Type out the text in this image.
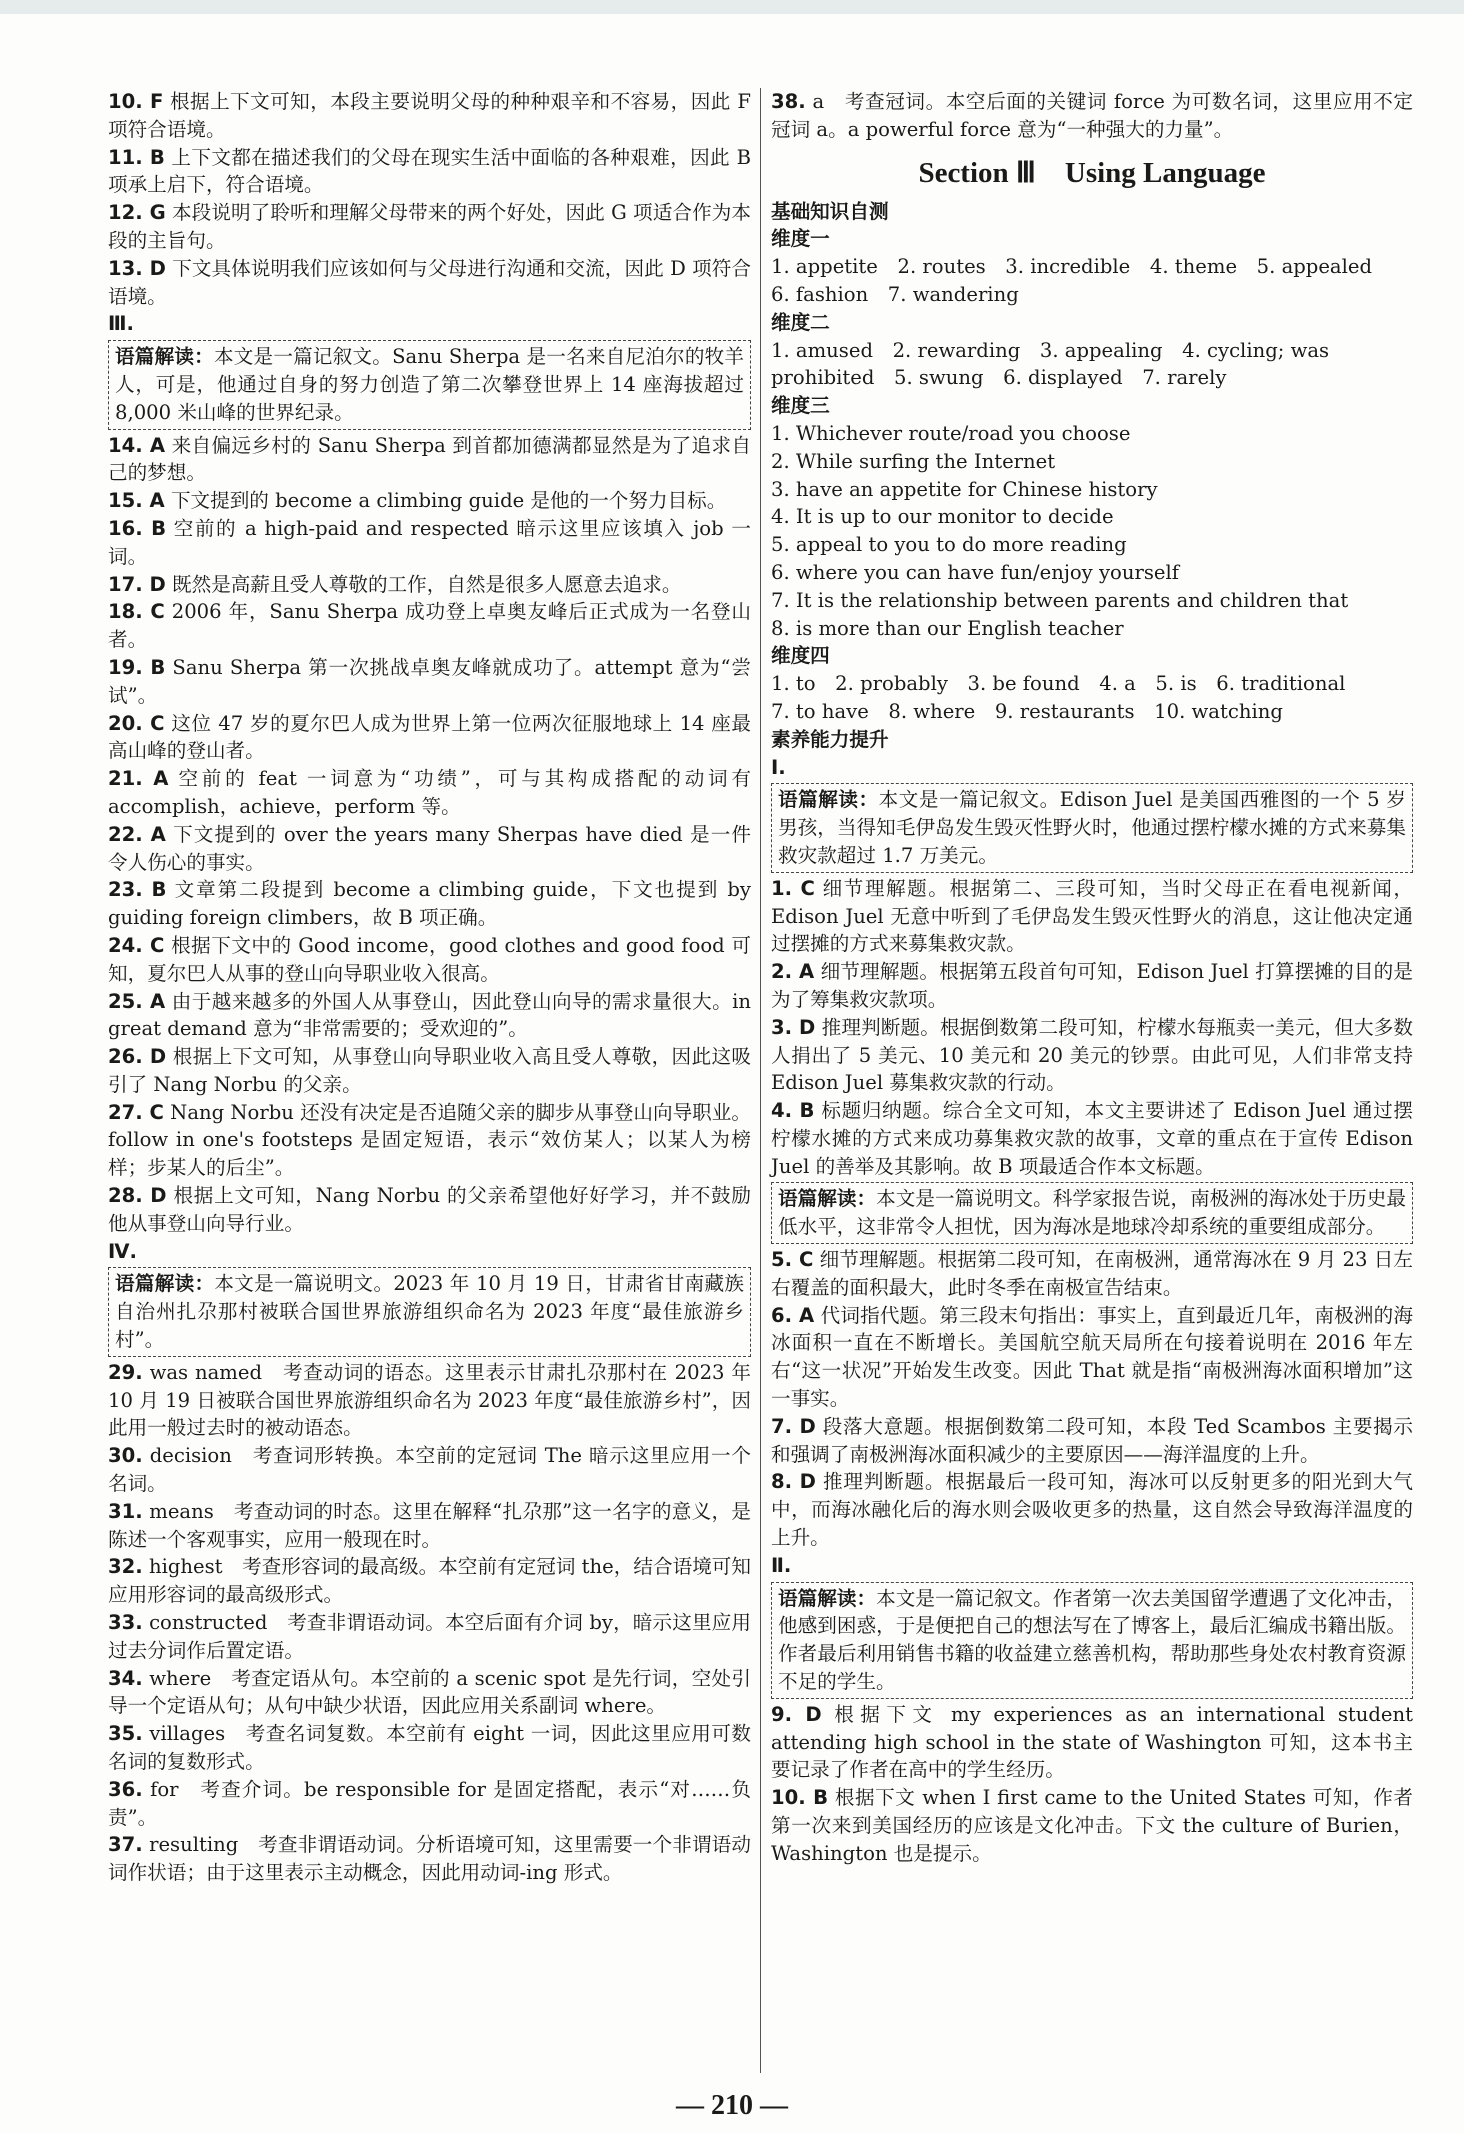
10. F 根据上下文可知，本段主要说明父母的种种艰辛和不容易，因此 F 项符合语境。

11. B 上下文都在描述我们的父母在现实生活中面临的各种艰难，因此 B 项承上启下，符合语境。

12. G 本段说明了聆听和理解父母带来的两个好处，因此 G 项适合作为本段的主旨句。

13. D 下文具体说明我们应该如何与父母进行沟通和交流，因此 D 项符合语境。

Ⅲ.

语篇解读：本文是一篇记叙文。Sanu Sherpa 是一名来自尼泊尔的牧羊人，可是，他通过自身的努力创造了第二次攀登世界上 14 座海拔超过 8,000 米山峰的世界纪录。

14. A 来自偏远乡村的 Sanu Sherpa 到首都加德满都显然是为了追求自己的梦想。

15. A 下文提到的 become a climbing guide 是他的一个努力目标。

16. B 空前的 a high-paid and respected 暗示这里应该填入 job 一词。

17. D 既然是高薪且受人尊敬的工作，自然是很多人愿意去追求。

18. C 2006 年，Sanu Sherpa 成功登上卓奥友峰后正式成为一名登山者。

19. B Sanu Sherpa 第一次挑战卓奥友峰就成功了。attempt 意为“尝试”。

20. C 这位 47 岁的夏尔巴人成为世界上第一位两次征服地球上 14 座最高山峰的登山者。

21. A 空前的 feat 一词意为“功绩”，可与其构成搭配的动词有 accomplish，achieve，perform 等。

22. A 下文提到的 over the years many Sherpas have died 是一件令人伤心的事实。

23. B 文章第二段提到 become a climbing guide，下文也提到 by guiding foreign climbers，故 B 项正确。

24. C 根据下文中的 Good income，good clothes and good food 可知，夏尔巴人从事的登山向导职业收入很高。

25. A 由于越来越多的外国人从事登山，因此登山向导的需求量很大。in great demand 意为“非常需要的；受欢迎的”。

26. D 根据上下文可知，从事登山向导职业收入高且受人尊敬，因此这吸引了 Nang Norbu 的父亲。

27. C Nang Norbu 还没有决定是否追随父亲的脚步从事登山向导职业。follow in one's footsteps 是固定短语，表示“效仿某人；以某人为榜样；步某人的后尘”。

28. D 根据上文可知，Nang Norbu 的父亲希望他好好学习，并不鼓励他从事登山向导行业。

Ⅳ.

语篇解读：本文是一篇说明文。2023 年 10 月 19 日，甘肃省甘南藏族自治州扎尕那村被联合国世界旅游组织命名为 2023 年度“最佳旅游乡村”。

29. was named　考查动词的语态。这里表示甘肃扎尕那村在 2023 年 10 月 19 日被联合国世界旅游组织命名为 2023 年度“最佳旅游乡村”，因此用一般过去时的被动语态。

30. decision　考查词形转换。本空前的定冠词 The 暗示这里应用一个名词。

31. means　考查动词的时态。这里在解释“扎尕那”这一名字的意义，是陈述一个客观事实，应用一般现在时。

32. highest　考查形容词的最高级。本空前有定冠词 the，结合语境可知应用形容词的最高级形式。

33. constructed　考查非谓语动词。本空后面有介词 by，暗示这里应用过去分词作后置定语。

34. where　考查定语从句。本空前的 a scenic spot 是先行词，空处引导一个定语从句；从句中缺少状语，因此应用关系副词 where。

35. villages　考查名词复数。本空前有 eight 一词，因此这里应用可数名词的复数形式。

36. for　考查介词。be responsible for 是固定搭配，表示“对……负责”。

37. resulting　考查非谓语动词。分析语境可知，这里需要一个非谓语动词作状语；由于这里表示主动概念，因此用动词-ing 形式。

38. a　考查冠词。本空后面的关键词 force 为可数名词，这里应用不定冠词 a。a powerful force 意为“一种强大的力量”。

Section Ⅲ　Using Language

基础知识自测

维度一

1. appetite　2. routes　3. incredible　4. theme　5. appealed

6. fashion　7. wandering

维度二

1. amused　2. rewarding　3. appealing　4. cycling; was prohibited　5. swung　6. displayed　7. rarely

维度三

1. Whichever route/road you choose

2. While surfing the Internet

3. have an appetite for Chinese history

4. It is up to our monitor to decide

5. appeal to you to do more reading

6. where you can have fun/enjoy yourself

7. It is the relationship between parents and children that

8. is more than our English teacher

维度四

1. to　2. probably　3. be found　4. a　5. is　6. traditional

7. to have　8. where　9. restaurants　10. watching

素养能力提升

Ⅰ.

语篇解读：本文是一篇记叙文。Edison Juel 是美国西雅图的一个 5 岁男孩，当得知毛伊岛发生毁灭性野火时，他通过摆柠檬水摊的方式来募集救灾款超过 1.7 万美元。

1. C 细节理解题。根据第二、三段可知，当时父母正在看电视新闻，Edison Juel 无意中听到了毛伊岛发生毁灭性野火的消息，这让他决定通过摆摊的方式来募集救灾款。

2. A 细节理解题。根据第五段首句可知，Edison Juel 打算摆摊的目的是为了筹集救灾款项。

3. D 推理判断题。根据倒数第二段可知，柠檬水每瓶卖一美元，但大多数人捐出了 5 美元、10 美元和 20 美元的钞票。由此可见，人们非常支持 Edison Juel 募集救灾款的行动。

4. B 标题归纳题。综合全文可知，本文主要讲述了 Edison Juel 通过摆柠檬水摊的方式来成功募集救灾款的故事，文章的重点在于宣传 Edison Juel 的善举及其影响。故 B 项最适合作本文标题。

语篇解读：本文是一篇说明文。科学家报告说，南极洲的海冰处于历史最低水平，这非常令人担忧，因为海冰是地球冷却系统的重要组成部分。

5. C 细节理解题。根据第二段可知，在南极洲，通常海冰在 9 月 23 日左右覆盖的面积最大，此时冬季在南极宣告结束。

6. A 代词指代题。第三段末句指出：事实上，直到最近几年，南极洲的海冰面积一直在不断增长。美国航空航天局所在句接着说明在 2016 年左右“这一状况”开始发生改变。因此 That 就是指“南极洲海冰面积增加”这一事实。

7. D 段落大意题。根据倒数第二段可知，本段 Ted Scambos 主要揭示和强调了南极洲海冰面积减少的主要原因——海洋温度的上升。

8. D 推理判断题。根据最后一段可知，海冰可以反射更多的阳光到大气中，而海冰融化后的海水则会吸收更多的热量，这自然会导致海洋温度的上升。

Ⅱ.

语篇解读：本文是一篇记叙文。作者第一次去美国留学遭遇了文化冲击，他感到困惑，于是便把自己的想法写在了博客上，最后汇编成书籍出版。作者最后利用销售书籍的收益建立慈善机构，帮助那些身处农村教育资源不足的学生。

9. D 根据下文 my experiences as an international student attending high school in the state of Washington 可知，这本书主要记录了作者在高中的学生经历。

10. B 根据下文 when I first came to the United States 可知，作者第一次来到美国经历的应该是文化冲击。下文 the culture of Burien，Washington 也是提示。

— 210 —
